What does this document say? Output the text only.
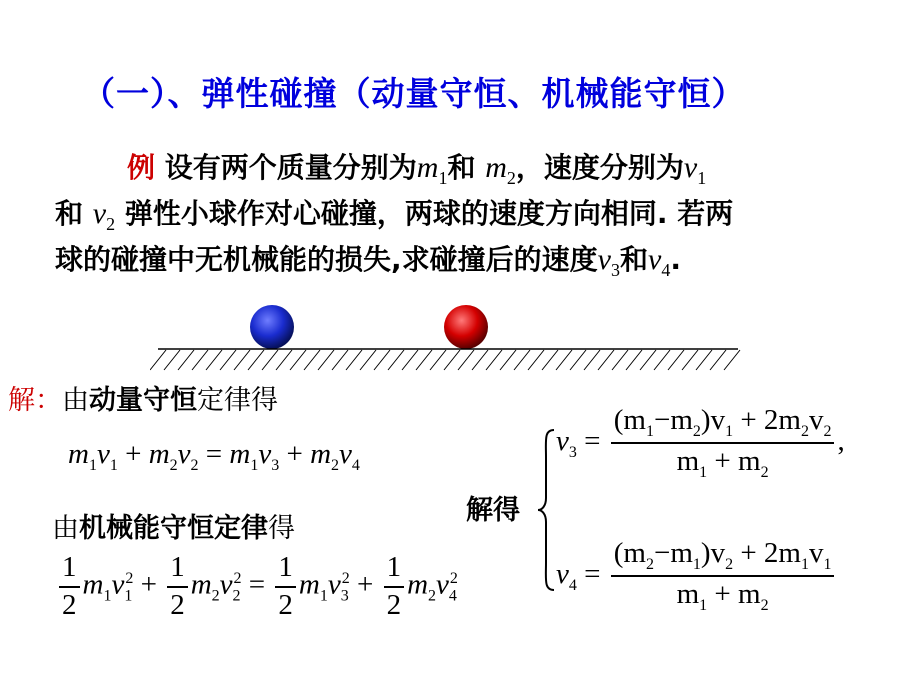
（一）、弹性碰撞（动量守恒、机械能守恒）
例 设有两个质量分别为$m_1$和 $m_2$，速度分别为$v_1$
和 $v_2$ 弹性小球作对心碰撞，两球的速度方向相同. 若两
球的碰撞中无机械能的损失,求碰撞后的速度$v_3$和$v_4$.
解：由动量守恒定律得
$m_1v_1 + m_2v_2 = m_1v_3 + m_2v_4$
由机械能守恒定律得
$\frac{1}{2} m_1v_1^2 + \frac{1}{2} m_2v_2^2 = \frac{1}{2} m_1v_3^2 + \frac{1}{2} m_2v_4^2$
解得
$v_3 = \frac{(m_1-m_2)v_1 + 2m_2v_2}{m_1 + m_2}$ ,
$v_4 = \frac{(m_2-m_1)v_2 + 2m_1v_1}{m_1 + m_2}$
